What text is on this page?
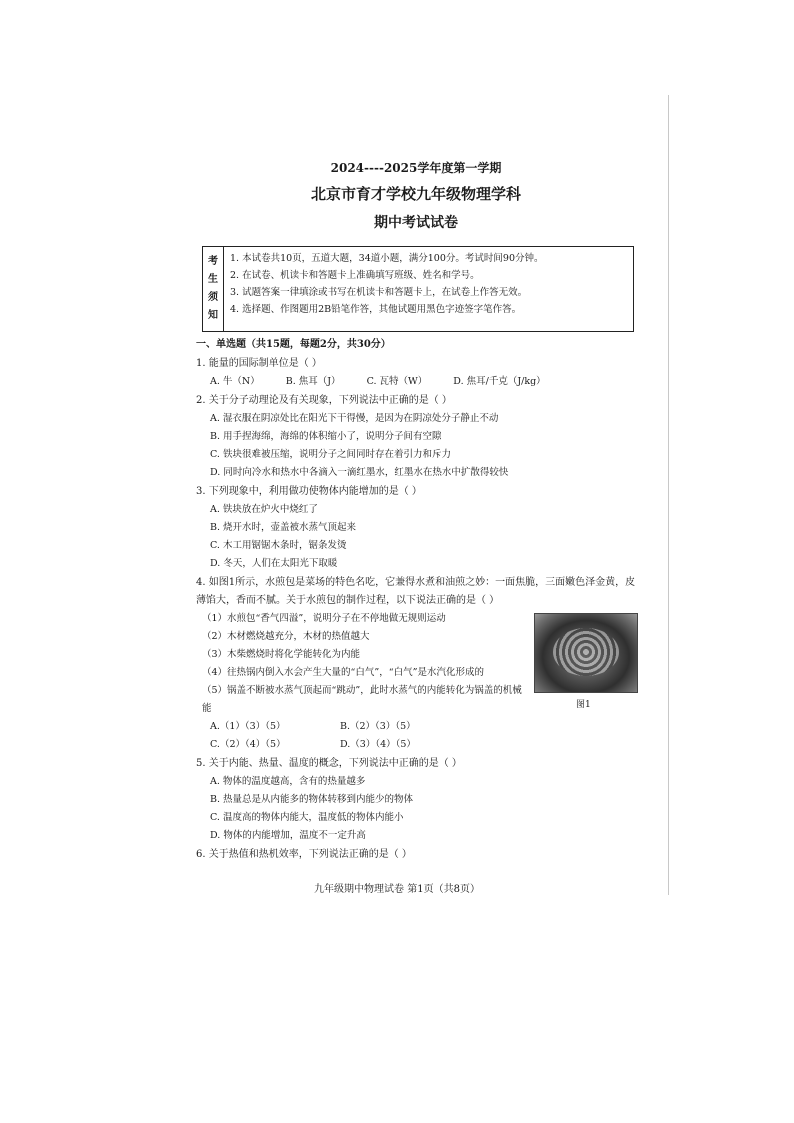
2024----2025学年度第一学期

北京市育才学校九年级物理学科

期中考试试卷

考
生
须
知
1. 本试卷共10页，五道大题，34道小题，满分100分。考试时间90分钟。
2. 在试卷、机读卡和答题卡上准确填写班级、姓名和学号。
3. 试题答案一律填涂或书写在机读卡和答题卡上，在试卷上作答无效。
4. 选择题、作图题用2B铅笔作答，其他试题用黑色字迹签字笔作答。
一、单选题（共15题，每题2分，共30分）
1. 能量的国际制单位是（ ）
A. 牛（N）	B. 焦耳（J）	C. 瓦特（W）	D. 焦耳/千克（J/kg）
2. 关于分子动理论及有关现象，下列说法中正确的是（ ）
A. 湿衣服在阴凉处比在阳光下干得慢，是因为在阴凉处分子静止不动
B. 用手捏海绵，海绵的体积缩小了，说明分子间有空隙
C. 铁块很难被压缩，说明分子之间同时存在着引力和斥力
D. 同时向冷水和热水中各滴入一滴红墨水，红墨水在热水中扩散得较快
3. 下列现象中，利用做功使物体内能增加的是（ ）
A. 铁块放在炉火中烧红了
B. 烧开水时，壶盖被水蒸气顶起来
C. 木工用锯锯木条时，锯条发烫
D. 冬天，人们在太阳光下取暖
4. 如图1所示，水煎包是菜场的特色名吃，它兼得水煮和油煎之妙：一面焦脆，三面嫩色泽金黄，皮薄馅大，香而不腻。关于水煎包的制作过程，以下说法正确的是（ ）
（1）水煎包“香气四溢”，说明分子在不停地做无规则运动
（2）木材燃烧越充分，木材的热值越大
（3）木柴燃烧时将化学能转化为内能
（4）往热锅内倒入水会产生大量的“白气”，“白气”是水汽化形成的
（5）锅盖不断被水蒸气顶起而“跳动”，此时水蒸气的内能转化为锅盖的机械能	图1
A.（1）（3）（5）	B.（2）（3）（5）
C.（2）（4）（5）	D.（3）（4）（5）
5. 关于内能、热量、温度的概念，下列说法中正确的是（ ）
A. 物体的温度越高，含有的热量越多
B. 热量总是从内能多的物体转移到内能少的物体
C. 温度高的物体内能大，温度低的物体内能小
D. 物体的内能增加，温度不一定升高
6. 关于热值和热机效率，下列说法正确的是（ ）
九年级期中物理试卷 第1页（共8页）
